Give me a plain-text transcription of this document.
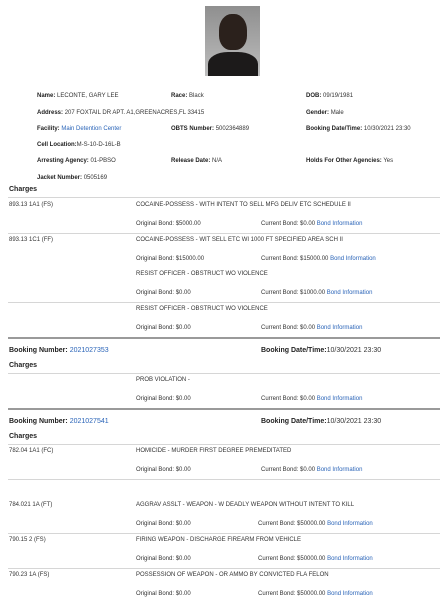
Name: LECONTE, GARY LEE	Race: Black	DOB: 09/19/1981
Address: 207 FOXTAIL DR APT. A1,GREENACRES,FL 33415	Gender: Male
Facility: Main Detention Center	OBTS Number: 5002364889	Booking Date/Time: 10/30/2021 23:30
Cell Location:M-S-10-D-16L-B
Arresting Agency: 01-PBSO	Release Date: N/A	Holds For Other Agencies: Yes
Jacket Number: 0505169
Charges
893.13 1A1 (FS)	COCAINE-POSSESS - WITH INTENT TO SELL MFG DELIV ETC SCHEDULE II
Original Bond: $5000.00	Current Bond: $0.00 Bond Information
893.13 1C1 (FF)	COCAINE-POSSESS - WIT SELL ETC WI 1000 FT SPECIFIED AREA SCH II
Original Bond: $15000.00	Current Bond: $15000.00 Bond Information
RESIST OFFICER - OBSTRUCT WO VIOLENCE
Original Bond: $0.00	Current Bond: $1000.00 Bond Information
RESIST OFFICER - OBSTRUCT WO VIOLENCE
Original Bond: $0.00	Current Bond: $0.00 Bond Information
Booking Number: 2021027353	Booking Date/Time:10/30/2021 23:30
Charges
PROB VIOLATION -
Original Bond: $0.00	Current Bond: $0.00 Bond Information
Booking Number: 2021027541	Booking Date/Time:10/30/2021 23:30
Charges
782.04 1A1 (FC)	HOMICIDE - MURDER FIRST DEGREE PREMEDITATED
Original Bond: $0.00	Current Bond: $0.00 Bond Information
784.021 1A (FT)	AGGRAV ASSLT - WEAPON - W DEADLY WEAPON WITHOUT INTENT TO KILL
Original Bond: $0.00	Current Bond: $50000.00 Bond Information
790.15 2 (FS)	FIRING WEAPON - DISCHARGE FIREARM FROM VEHICLE
Original Bond: $0.00	Current Bond: $50000.00 Bond Information
790.23 1A (FS)	POSSESSION OF WEAPON - OR AMMO BY CONVICTED FLA FELON
Original Bond: $0.00	Current Bond: $50000.00 Bond Information
